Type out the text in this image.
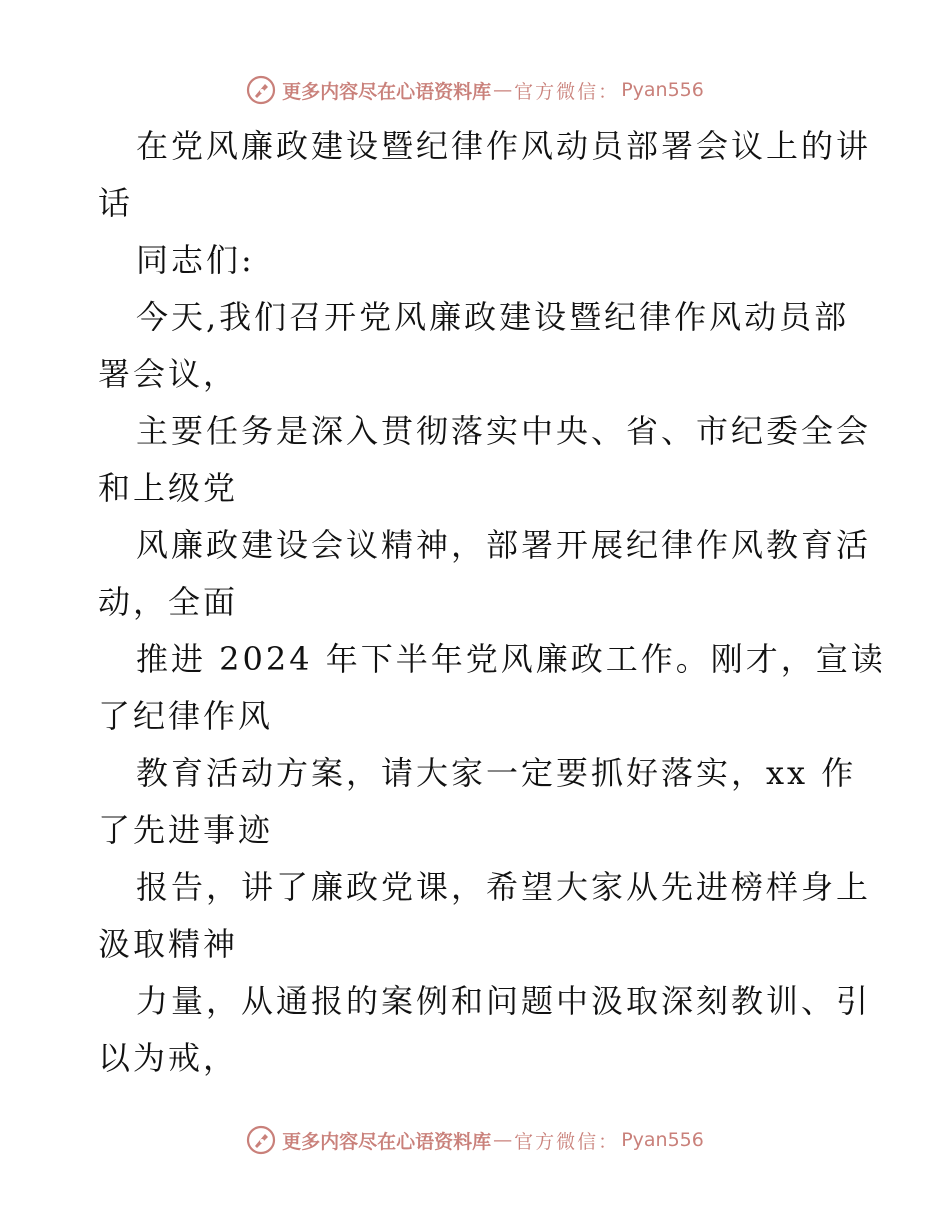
更多内容尽在心语资料库 — 官方微信： Pyan556

在党风廉政建设暨纪律作风动员部署会议上的讲
话

同志们:

今天,我们召开党风廉政建设暨纪律作风动员部
署会议，

主要任务是深入贯彻落实中央、省、市纪委全会
和上级党

风廉政建设会议精神，部署开展纪律作风教育活
动，全面

推进 2024 年下半年党风廉政工作。刚才，宣读
了纪律作风

教育活动方案，请大家一定要抓好落实，xx 作
了先进事迹

报告，讲了廉政党课，希望大家从先进榜样身上
汲取精神

力量，从通报的案例和问题中汲取深刻教训、引
以为戒，

更多内容尽在心语资料库 — 官方微信： Pyan556
